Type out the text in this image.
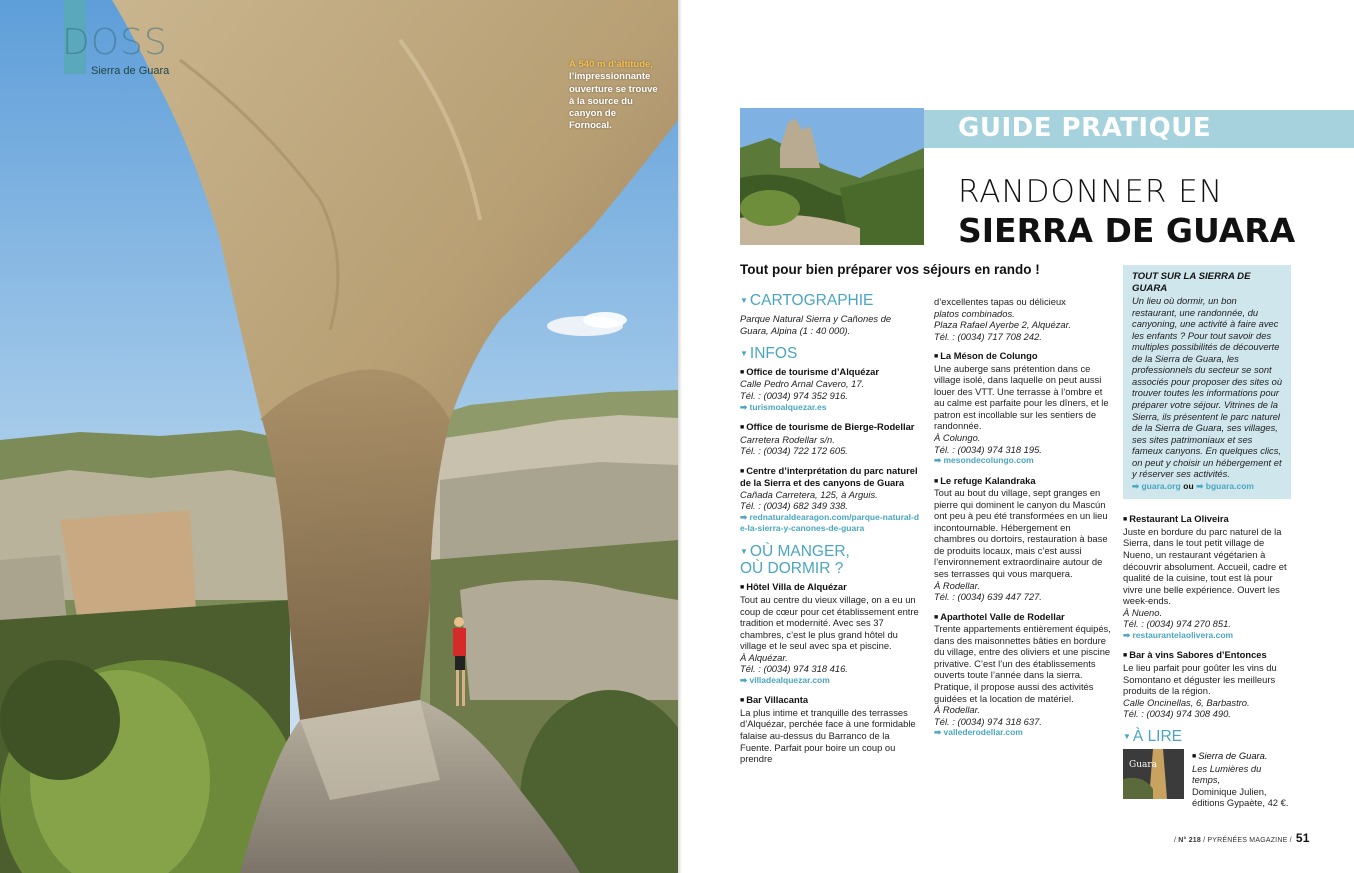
DOSS
Sierra de Guara
À 540 m d’altitude, l’impressionnante ouverture se trouve à la source du canyon de Fornocal.	GUIDE PRATIQUE
RANDONNER EN
SIERRA DE GUARA
Tout pour bien préparer vos séjours en rando !
▼ CARTOGRAPHIE
Parque Natural Sierra y Cañones de Guara, Alpina (1 : 40 000).
▼ INFOS
■ Office de tourisme d’Alquézar
Calle Pedro Arnal Cavero, 17.
Tél. : (0034) 974 352 916.
➡ turismoalquezar.es
■ Office de tourisme de Bierge-Rodellar
Carretera Rodellar s/n.
Tél. : (0034) 722 172 605.
■ Centre d’interprétation du parc naturel de la Sierra et des canyons de Guara
Cañada Carretera, 125, à Arguis.
Tél. : (0034) 682 349 338.
➡ rednaturaldearagon.com/parque-natural-de-la-sierra-y-canones-de-guara
▼ OÙ MANGER,
OÙ DORMIR ?
■ Hôtel Villa de Alquézar
Tout au centre du vieux village, on a eu un coup de cœur pour cet établissement entre tradition et modernité. Avec ses 37 chambres, c’est le plus grand hôtel du village et le seul avec spa et piscine.
À Alquézar.
Tél. : (0034) 974 318 416.
➡ villadealquezar.com
■ Bar Villacanta
La plus intime et tranquille des terrasses d’Alquézar, perchée face à une formidable falaise au-dessus du Barranco de la Fuente. Parfait pour boire un coup ou prendre
d’excellentes tapas ou délicieux
platos combinados.
Plaza Rafael Ayerbe 2, Alquézar.
Tél. : (0034) 717 708 242.
■ La Méson de Colungo
Une auberge sans prétention dans ce village isolé, dans laquelle on peut aussi louer des VTT. Une terrasse à l’ombre et au calme est parfaite pour les dîners, et le patron est incollable sur les sentiers de randonnée.
À Colungo.
Tél. : (0034) 974 318 195.
➡ mesondecolungo.com
■ Le refuge Kalandraka
Tout au bout du village, sept granges en pierre qui dominent le canyon du Mascún ont peu à peu été transformées en un lieu incontournable. Hébergement en chambres ou dortoirs, restauration à base de produits locaux, mais c’est aussi l’environnement extraordinaire autour de ses terrasses qui vous marquera.
À Rodellar.
Tél. : (0034) 639 447 727.
■ Aparthotel Valle de Rodellar
Trente appartements entièrement équipés, dans des maisonnettes bâties en bordure du village, entre des oliviers et une piscine privative. C’est l’un des établissements ouverts toute l’année dans la sierra. Pratique, il propose aussi des activités guidées et la location de matériel.
À Rodellar.
Tél. : (0034) 974 318 637.
➡ vallederodellar.com
TOUT SUR LA SIERRA DE GUARA
Un lieu où dormir, un bon restaurant, une randonnée, du canyoning, une activité à faire avec les enfants ? Pour tout savoir des multiples possibilités de découverte de la Sierra de Guara, les professionnels du secteur se sont associés pour proposer des sites où trouver toutes les informations pour préparer votre séjour. Vitrines de la Sierra, ils présentent le parc naturel de la Sierra de Guara, ses villages, ses sites patrimoniaux et ses fameux canyons. En quelques clics, on peut y choisir un hébergement et y réserver ses activités.
➡ guara.org ou ➡ bguara.com
■ Restaurant La Oliveira
Juste en bordure du parc naturel de la Sierra, dans le tout petit village de Nueno, un restaurant végétarien à découvrir absolument. Accueil, cadre et qualité de la cuisine, tout est là pour vivre une belle expérience. Ouvert les week-ends.
À Nueno.
Tél. : (0034) 974 270 851.
➡ restaurantelaolivera.com
■ Bar à vins Sabores d’Entonces
Le lieu parfait pour goûter les vins du Somontano et déguster les meilleurs produits de la région.
Calle Oncinellas, 6, Barbastro.
Tél. : (0034) 974 308 490.
▼ À LIRE
Guara
■ Sierra de Guara.
Les Lumières du temps,
Dominique Julien, éditions Gypaète, 42 €.
/ N° 218 / PYRÉNÉES MAGAZINE / 51
